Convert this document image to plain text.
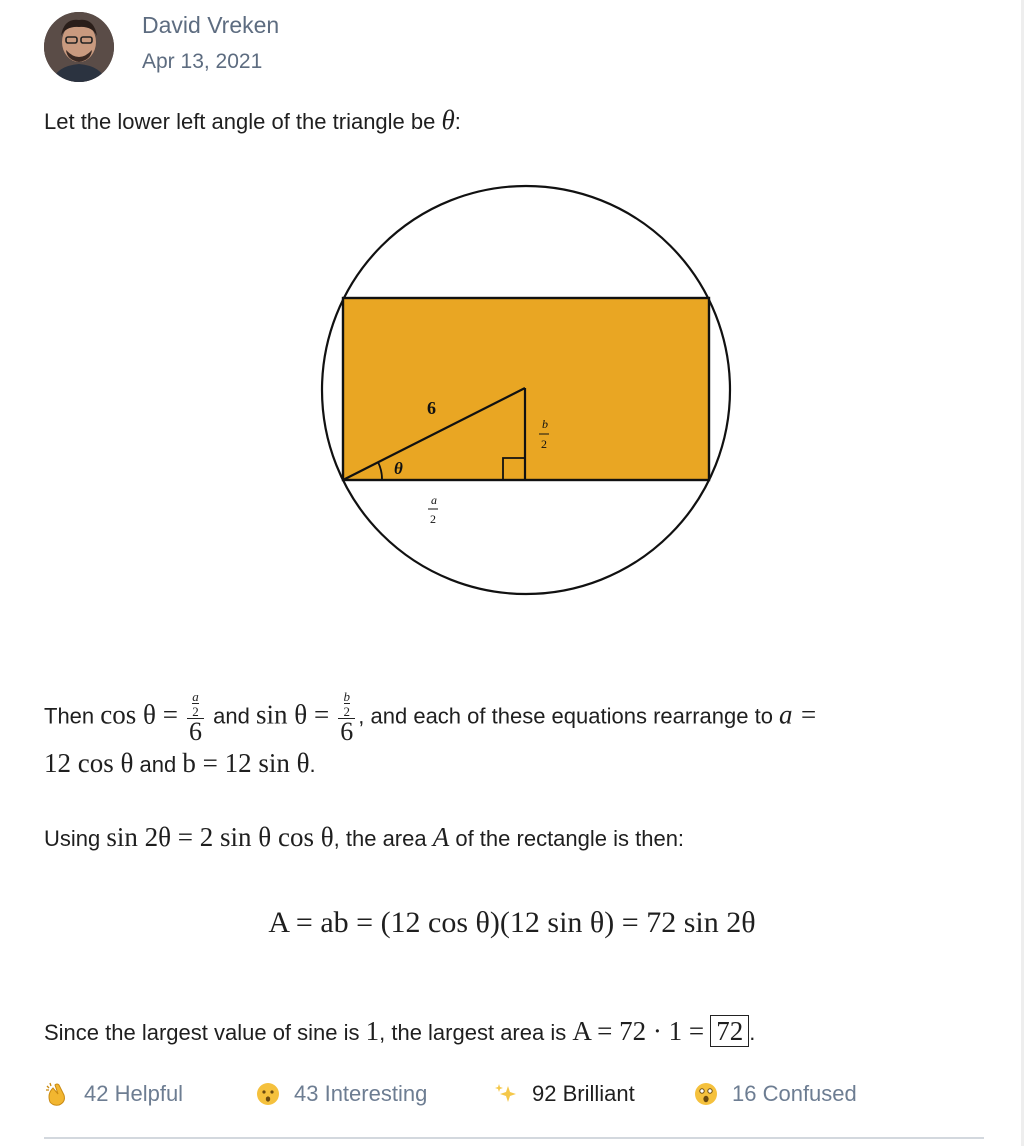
David Vreken
Apr 13, 2021
Let the lower left angle of the triangle be θ:
6
θ
b
2
a
2
Then cos θ = a
2
6 and sin θ = b
2
6 , and each of these equations rearrange to a =
12 cos θ and b = 12 sin θ.
Using sin 2θ = 2 sin θ cos θ, the area A of the rectangle is then:
A = ab = (12 cos θ)(12 sin θ) = 72 sin 2θ
Since the largest value of sine is 1, the largest area is A = 72 · 1 = 72 .
42 Helpful	43 Interesting	92 Brilliant	16 Confused
